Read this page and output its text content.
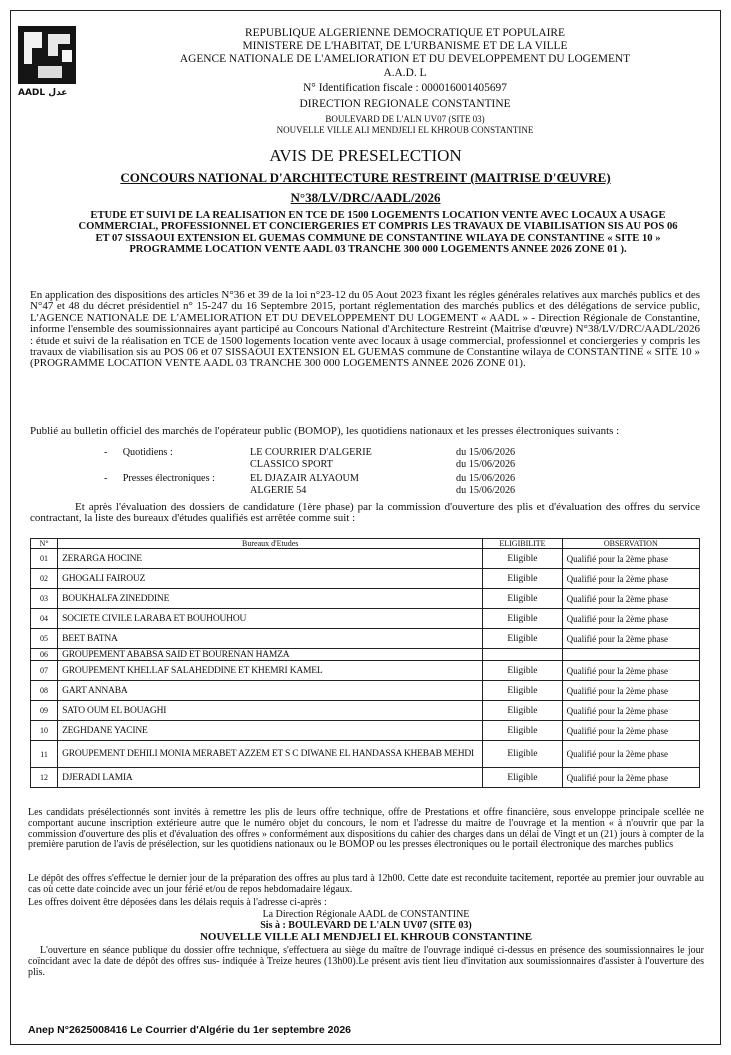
AADL عدل
REPUBLIQUE ALGERIENNE DEMOCRATIQUE ET POPULAIRE
MINISTERE DE L'HABITAT, DE L'URBANISME ET DE LA VILLE
AGENCE NATIONALE DE L'AMELIORATION ET DU DEVELOPPEMENT DU LOGEMENT
A.A.D. L
N° Identification fiscale : 000016001405697
DIRECTION REGIONALE CONSTANTINE
BOULEVARD DE L'ALN UV07 (SITE 03)
NOUVELLE VILLE ALI MENDJELI EL KHROUB CONSTANTINE
AVIS DE PRESELECTION
CONCOURS NATIONAL D'ARCHITECTURE RESTREINT (MAITRISE D'ŒUVRE)
N°38/LV/DRC/AADL/2026
ETUDE ET SUIVI DE LA REALISATION EN TCE DE 1500 LOGEMENTS LOCATION VENTE AVEC LOCAUX A USAGE COMMERCIAL, PROFESSIONNEL ET CONCIERGERIES ET COMPRIS LES TRAVAUX DE VIABILISATION SIS AU POS 06 ET 07 SISSAOUI EXTENSION EL GUEMAS COMMUNE DE CONSTANTINE WILAYA DE CONSTANTINE « SITE 10 » PROGRAMME LOCATION VENTE AADL 03 TRANCHE 300 000 LOGEMENTS ANNEE 2026 ZONE 01 ).
En application des dispositions des articles N°36 et 39 de la loi n°23-12 du 05 Aout 2023 fixant les régles générales relatives aux marchés publics et des N°47 et 48 du décret présidentiel n° 15-247 du 16 Septembre 2015, portant réglementation des marchés publics et des délégations de service public, L'AGENCE NATIONALE DE L'AMELIORATION ET DU DEVELOPPEMENT DU LOGEMENT « AADL » - Direction Régionale de Constantine, informe l'ensemble des soumissionnaires ayant participé au Concours National d'Architecture Restreint (Maitrise d'œuvre) N°38/LV/DRC/AADL/2026 : étude et suivi de la réalisation en TCE de 1500 logements location vente avec locaux à usage commercial, professionnel et conciergeries y compris les travaux de viabilisation sis au POS 06 et 07 SISSAOUI EXTENSION EL GUEMAS commune de Constantine wilaya de CONSTANTINE « SITE 10 » (PROGRAMME LOCATION VENTE AADL 03 TRANCHE 300 000 LOGEMENTS ANNEE 2026 ZONE 01).
Publié au bulletin officiel des marchés de l'opérateur public (BOMOP), les quotidiens nationaux et les presses électroniques suivants :
-      Quotidiens :	LE COURRIER D'ALGERIE	du 15/06/2026
CLASSICO SPORT	du 15/06/2026
-      Presses électroniques :	EL DJAZAIR ALYAOUM	du 15/06/2026
ALGERIE 54	du 15/06/2026
Et après l'évaluation des dossiers de candidature (1ère phase) par la commission d'ouverture des plis et d'évaluation des offres du service contractant, la liste des bureaux d'études qualifiés est arrêtée comme suit :
N°	Bureaux d'Etudes	ELIGIBILITE	OBSERVATION
01	ZERARGA HOCINE	Eligible	Qualifié pour la 2ème phase
02	GHOGALI FAIROUZ	Eligible	Qualifié pour la 2ème phase
03	BOUKHALFA ZINEDDINE	Eligible	Qualifié pour la 2ème phase
04	SOCIETE CIVILE LARABA ET BOUHOUHOU	Eligible	Qualifié pour la 2ème phase
05	BEET BATNA	Eligible	Qualifié pour la 2ème phase
06	GROUPEMENT ABABSA SAID ET BOURENAN HAMZA		
07	GROUPEMENT KHELLAF SALAHEDDINE ET KHEMRI KAMEL	Eligible	Qualifié pour la 2ème phase
08	GART ANNABA	Eligible	Qualifié pour la 2ème phase
09	SATO OUM EL BOUAGHI	Eligible	Qualifié pour la 2ème phase
10	ZEGHDANE YACINE	Eligible	Qualifié pour la 2ème phase
11	GROUPEMENT DEHILI MONIA MERABET AZZEM ET S C DIWANE EL HANDASSA KHEBAB MEHDI	Eligible	Qualifié pour la 2ème phase
12	DJERADI LAMIA	Eligible	Qualifié pour la 2ème phase
Les candidats présélectionnés sont invités à remettre les plis de leurs offre technique, offre de Prestations et offre financière, sous enveloppe principale scellée ne comportant aucune inscription extérieure autre que le numéro objet du concours, le nom et l'adresse du maitre de l'ouvrage et la mention « à n'ouvrir que par la commission d'ouverture des plis et d'évaluation des offres » conformément aux dispositions du cahier des charges dans un délai de Vingt et un (21) jours à compter de la première parution de l'avis de présélection, sur les quotidiens nationaux ou le BOMOP ou les presses électroniques ou le portail électronique des marches publics
Le dépôt des offres s'effectue le dernier jour de la préparation des offres au plus tard à 12h00. Cette date est reconduite tacitement, reportée au premier jour ouvrable au cas où cette date coincide avec un jour férié et/ou de repos hebdomadaire légaux.
Les offres doivent être déposées dans les délais requis à l'adresse ci-après :
La Direction Régionale AADL de CONSTANTINE
Sis à : BOULEVARD DE L'ALN UV07 (SITE 03)
NOUVELLE VILLE ALI MENDJELI EL KHROUB CONSTANTINE
L'ouverture en séance publique du dossier offre technique, s'effectuera au siège du maître de l'ouvrage indiqué ci-dessus en présence des soumissionnaires le jour coïncidant avec la date de dépôt des offres sus- indiquée à Treize heures (13h00).Le présent avis tient lieu d'invitation aux soumissionnaires d'assister à l'ouverture des plis.
Anep N°2625008416 Le Courrier d'Algérie du 1er septembre 2026
